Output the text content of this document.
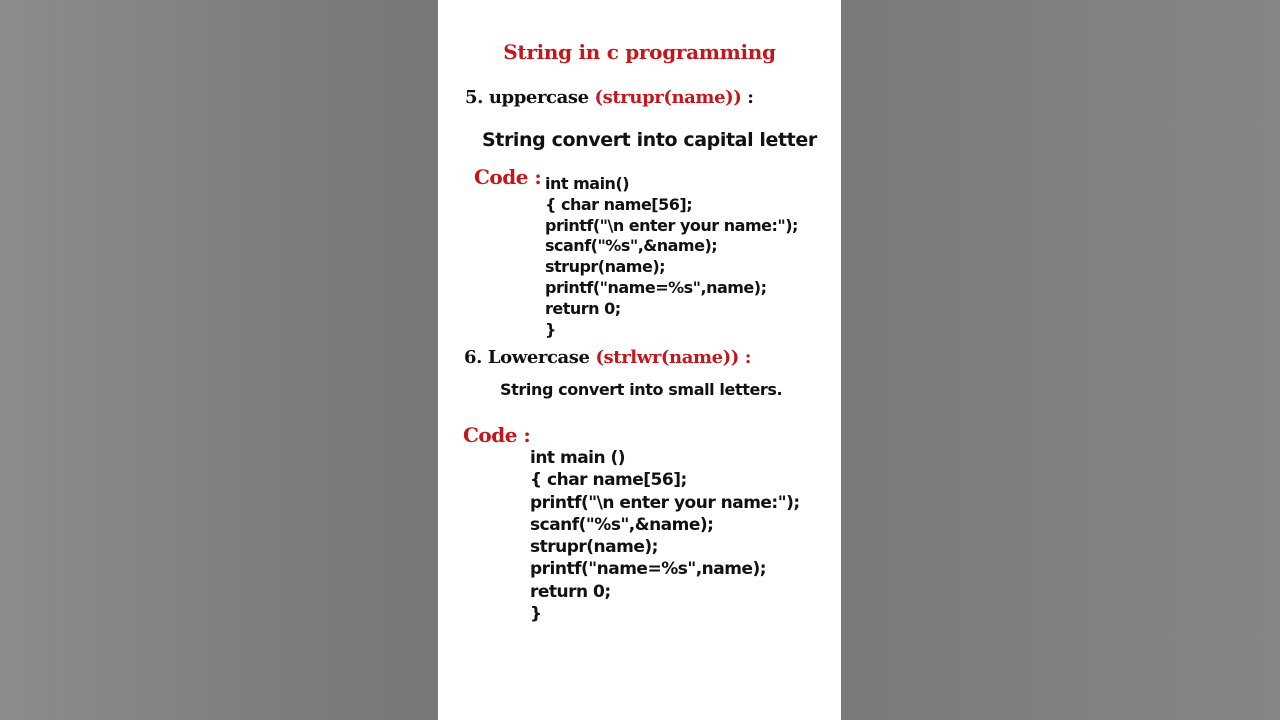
String in c programming
5. uppercase (strupr(name)) :
String convert into capital letter
Code : int main()
{ char name[56];
printf("\n enter your name:");
scanf("%s",&name);
strupr(name);
printf("name=%s",name);
return 0;
}
6. Lowercase (strlwr(name)) :
String convert into small letters.
Code :
int main ()
{ char name[56];
printf("\n enter your name:");
scanf("%s",&name);
strupr(name);
printf("name=%s",name);
return 0;
}
